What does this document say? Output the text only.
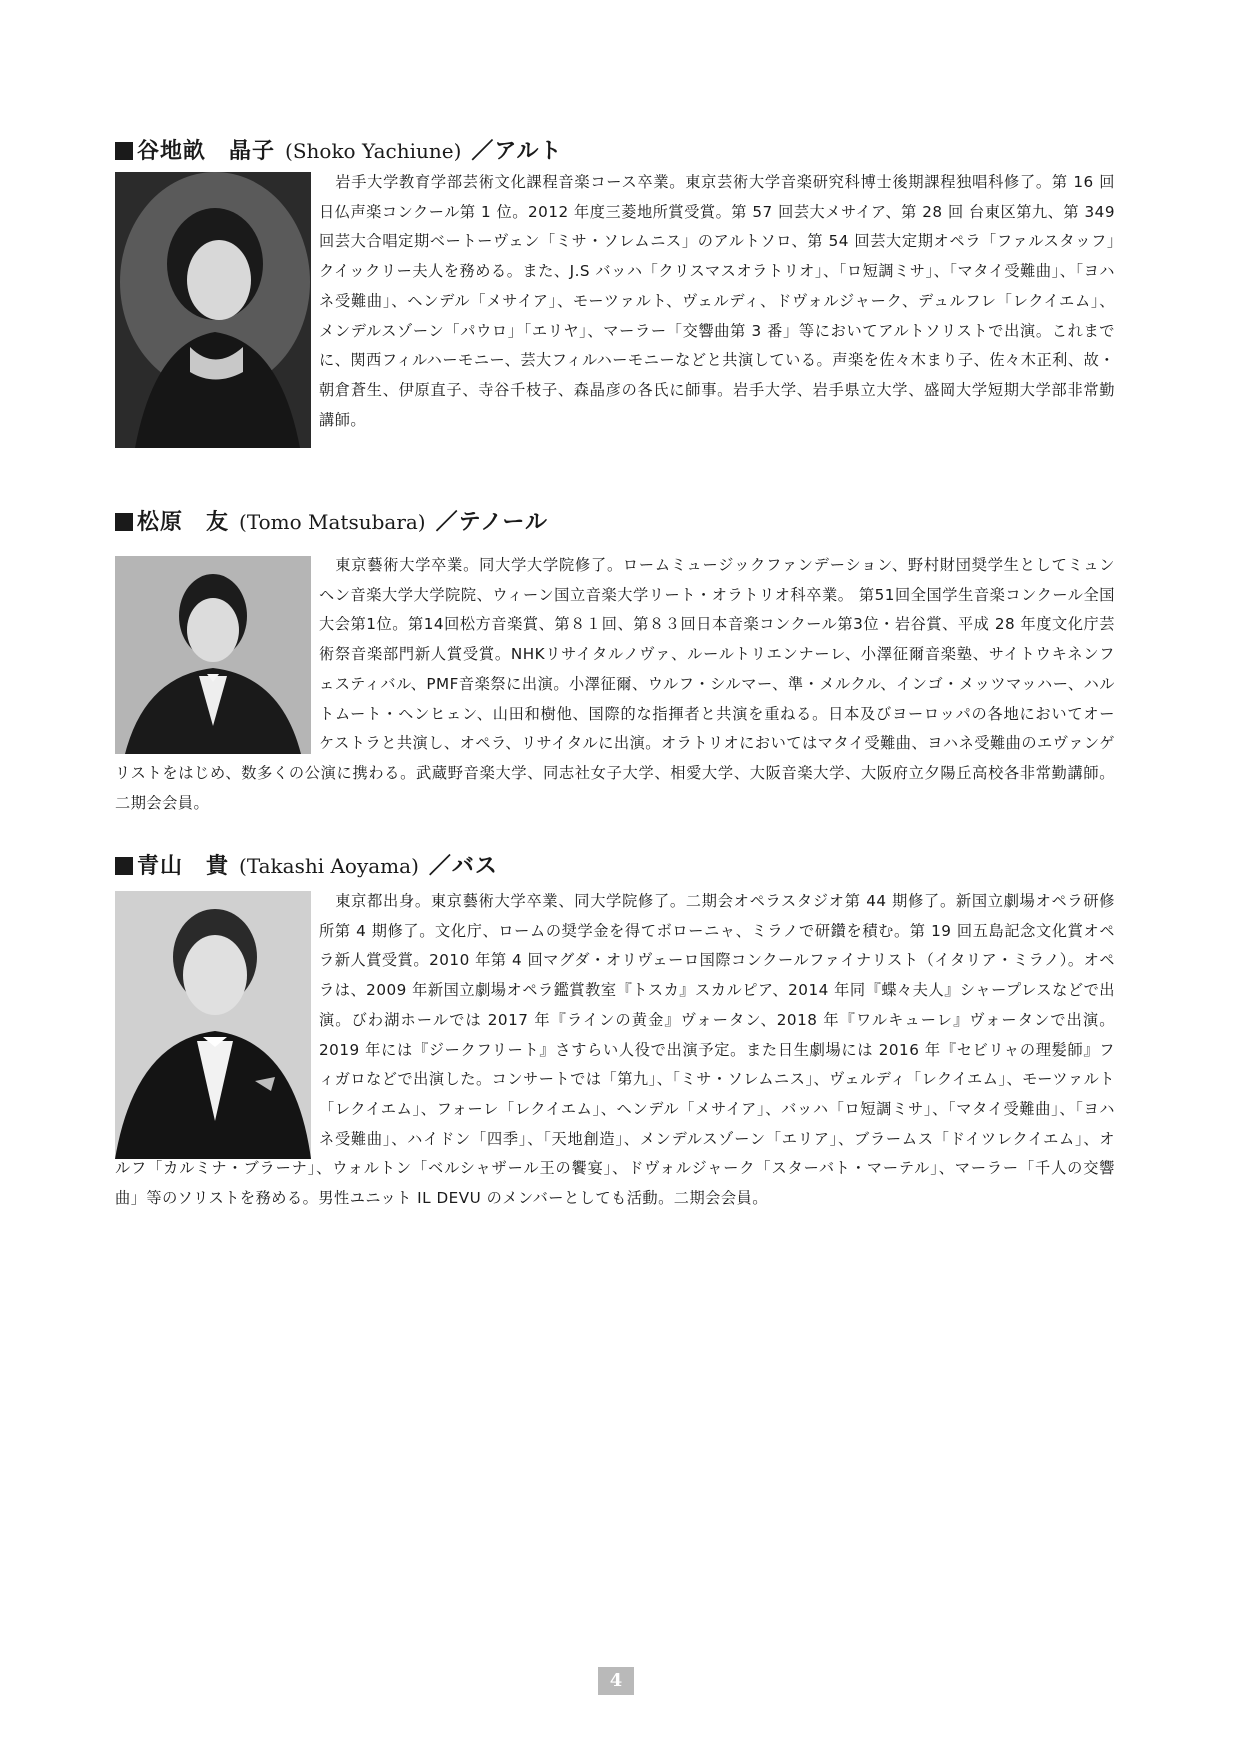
谷地畝　晶子 (Shoko Yachiune) ／アルト
岩手大学教育学部芸術文化課程音楽コース卒業。東京芸術大学音楽研究科博士後期課程独唱科修了。第 16 回日仏声楽コンクール第 1 位。2012 年度三菱地所賞受賞。第 57 回芸大メサイア、第 28 回 台東区第九、第 349 回芸大合唱定期ベートーヴェン「ミサ・ソレムニス」のアルトソロ、第 54 回芸大定期オペラ「ファルスタッフ」クイックリー夫人を務める。また、J.S バッハ「クリスマスオラトリオ」、「ロ短調ミサ」、「マタイ受難曲」、「ヨハネ受難曲」、ヘンデル「メサイア」、モーツァルト、ヴェルディ、ドヴォルジャーク、デュルフレ「レクイエム」、メンデルスゾーン「パウロ」「エリヤ」、マーラー「交響曲第 3 番」等においてアルトソリストで出演。これまでに、関西フィルハーモニー、芸大フィルハーモニーなどと共演している。声楽を佐々木まり子、佐々木正利、故・朝倉蒼生、伊原直子、寺谷千枝子、森晶彦の各氏に師事。岩手大学、岩手県立大学、盛岡大学短期大学部非常勤講師。
松原　友 (Tomo Matsubara) ／テノール
東京藝術大学卒業。同大学大学院修了。ロームミュージックファンデーション、野村財団奨学生としてミュンヘン音楽大学大学院院、ウィーン国立音楽大学リート・オラトリオ科卒業。 第51回全国学生音楽コンクール全国大会第1位。第14回松方音楽賞、第８１回、第８３回日本音楽コンクール第3位・岩谷賞、平成 28 年度文化庁芸術祭音楽部門新人賞受賞。NHKリサイタルノヴァ、ルールトリエンナーレ、小澤征爾音楽塾、サイトウキネンフェスティバル、PMF音楽祭に出演。小澤征爾、ウルフ・シルマー、準・メルクル、インゴ・メッツマッハー、ハルトムート・ヘンヒェン、山田和樹他、国際的な指揮者と共演を重ねる。日本及びヨーロッパの各地においてオーケストラと共演し、オペラ、リサイタルに出演。オラトリオにおいてはマタイ受難曲、ヨハネ受難曲のエヴァンゲリストをはじめ、数多くの公演に携わる。武蔵野音楽大学、同志社女子大学、相愛大学、大阪音楽大学、大阪府立夕陽丘高校各非常勤講師。二期会会員。
青山　貴 (Takashi Aoyama) ／バス
東京都出身。東京藝術大学卒業、同大学院修了。二期会オペラスタジオ第 44 期修了。新国立劇場オペラ研修所第 4 期修了。文化庁、ロームの奨学金を得てボローニャ、ミラノで研鑽を積む。第 19 回五島記念文化賞オペラ新人賞受賞。2010 年第 4 回マグダ・オリヴェーロ国際コンクールファイナリスト（イタリア・ミラノ）。オペラは、2009 年新国立劇場オペラ鑑賞教室『トスカ』スカルピア、2014 年同『蝶々夫人』シャープレスなどで出演。びわ湖ホールでは 2017 年『ラインの黄金』ヴォータン、2018 年『ワルキューレ』ヴォータンで出演。2019 年には『ジークフリート』さすらい人役で出演予定。また日生劇場には 2016 年『セビリャの理髪師』フィガロなどで出演した。コンサートでは「第九」、「ミサ・ソレムニス」、ヴェルディ「レクイエム」、モーツァルト「レクイエム」、フォーレ「レクイエム」、ヘンデル「メサイア」、バッハ「ロ短調ミサ」、「マタイ受難曲」、「ヨハネ受難曲」、ハイドン「四季」、「天地創造」、メンデルスゾーン「エリア」、ブラームス「ドイツレクイエム」、オルフ「カルミナ・ブラーナ」、ウォルトン「ベルシャザール王の饗宴」、ドヴォルジャーク「スターバト・マーテル」、マーラー「千人の交響曲」等のソリストを務める。男性ユニット IL DEVU のメンバーとしても活動。二期会会員。
4
